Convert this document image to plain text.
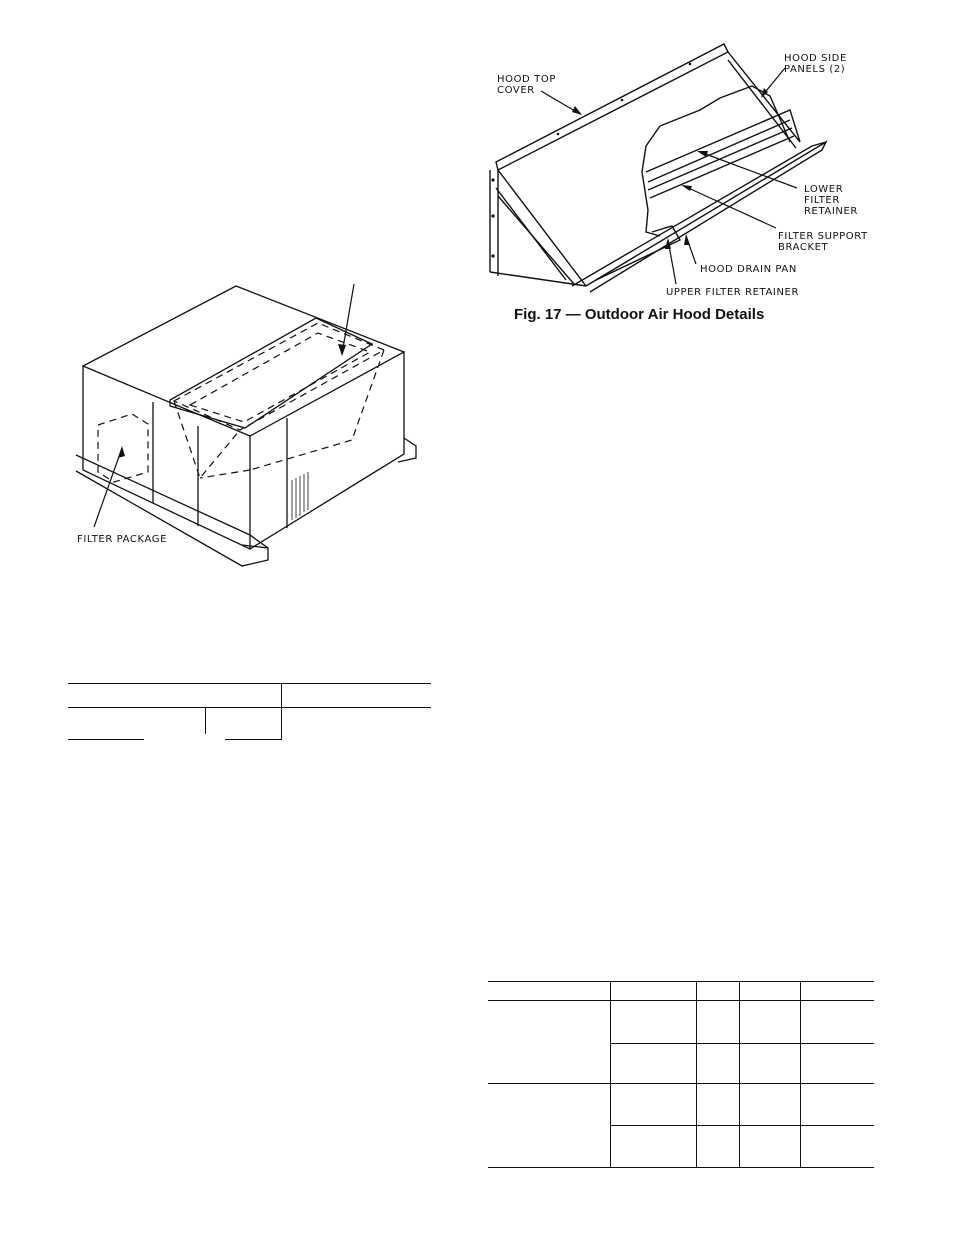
FILTER PACKAGE
HOOD TOP
COVER
HOOD SIDE
PANELS (2)
LOWER
FILTER
RETAINER
FILTER SUPPORT
BRACKET
HOOD DRAIN PAN
UPPER FILTER RETAINER
Fig. 17 — Outdoor Air Hood Details
